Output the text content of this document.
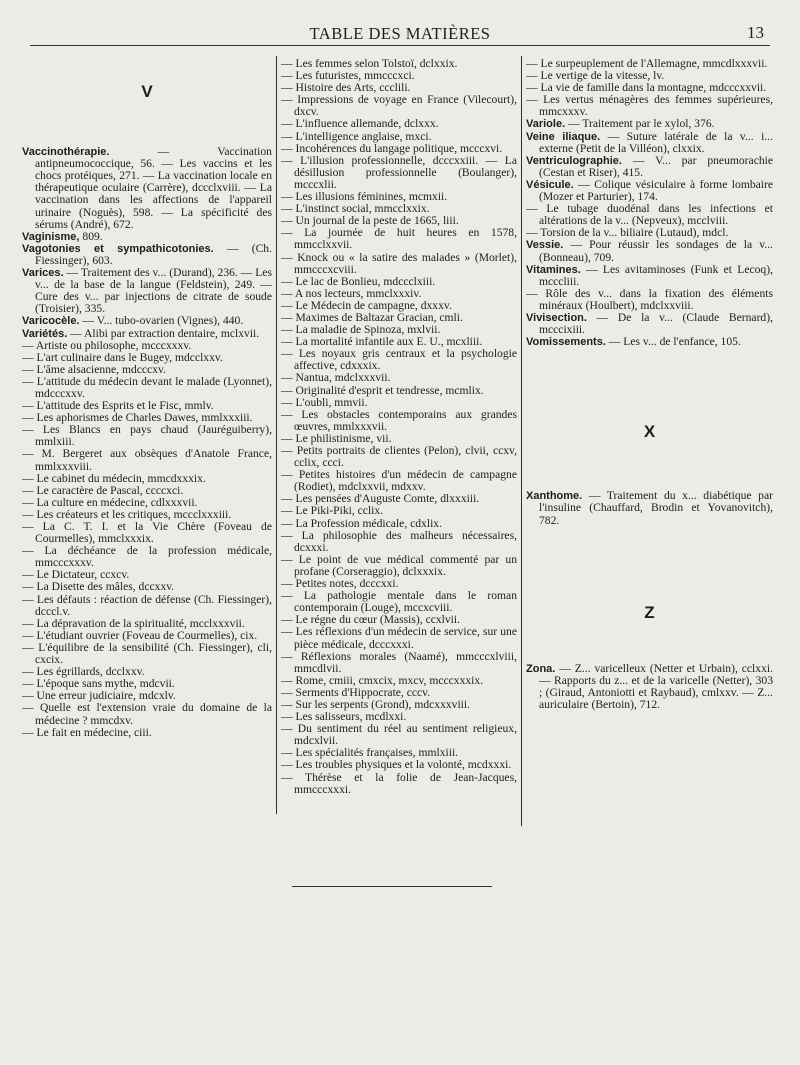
TABLE DES MATIÈRES	13

V

Vaccinothérapie.	— Vaccination antipneumococcique, 56. — Les vaccins et les chocs protéiques, 271. — La vaccination locale en thérapeutique oculaire (Carrère), dccclxviii. — La vaccination dans les affections de l'appareil urinaire (Noguès), 598. — La spécificité des sérums (André), 672.

Vaginisme, 809.

Vagotonies et sympathicotonies. — (Ch. Fiessinger), 603.

Varices. — Traitement des v... (Durand), 236. — Les v... de la base de la langue (Feldstein), 249. — Cure des v... par injections de citrate de soude (Troisier), 335.

Varicocèle. — V... tubo-ovarien (Vignes), 440.

Variétés. — Alibi par extraction dentaire, mclxvii.

— Artiste ou philosophe, mcccxxxv.

— L'art culinaire dans le Bugey, mdcclxxv.

— L'âme alsacienne, mdcccxv.

— L'attitude du médecin devant le malade (Lyonnet), mdcccxxv.

— L'attitude des Esprits et le Fisc, mmlv.

— Les aphorismes de Charles Dawes, mmlxxxiii.

— Les Blancs en pays chaud (Jauréguiberry), mmlxiii.

— M. Bergeret aux obsèques d'Anatole France, mmlxxxviii.

— Le cabinet du médecin, mmcdxxxix.

— Le caractère de Pascal, ccccxci.

— La culture en médecine, cdlxxxvii.

— Les créateurs et les critiques, mccclxxxiii.

— La C. T. I. et la Vie Chère (Foveau de Courmelles), mmclxxxix.

— La déchéance de la profession médicale, mmcccxxxv.

— Le Dictateur, ccxcv.

— La Disette des mâles, dccxxv.

— Les défauts : réaction de défense (Ch. Fiessinger), dcccl.v.

— La dépravation de la spiritualité, mcclxxxvii.

— L'étudiant ouvrier (Foveau de Courmelles), cix.

— L'équilibre de la sensibilité (Ch. Fiessinger), cli, cxcix.

— Les égrillards, dcclxxv.

— L'époque sans mythe, mdcvii.

— Une erreur judiciaire, mdcxlv.

— Quelle est l'extension vraie du domaine de la médecine ? mmcdxv.

— Le fait en médecine, ciii.

— Les femmes selon Tolstoï, dclxxix.

— Les futuristes, mmcccxci.

— Histoire des Arts, ccclili.

— Impressions de voyage en France (Vilecourt), dxcv.

— L'influence allemande, dclxxx.

— L'intelligence anglaise, mxci.

— Incohérences du langage politique, mcccxvi.

— L'illusion professionnelle, dcccxxiii. — La désillusion professionnelle (Boulanger), mcccxlii.

— Les illusions féminines, mcmxii.

— L'instinct social, mmcclxxix.

— Un journal de la peste de 1665, liii.

— La journée de huit heures en 1578, mmcclxxvii.

— Knock ou « la satire des malades » (Morlet), mmcccxcviii.

— Le lac de Bonlieu, mdccclxiii.

— A nos lecteurs, mmclxxxiv.

— Le Médecin de campagne, dxxxv.

— Maximes de Baltazar Gracian, cmli.

— La maladie de Spinoza, mxlvii.

— La mortalité infantile aux E. U., mcxliii.

— Les noyaux gris centraux et la psychologie affective, cdxxxix.

— Nantua, mdclxxxvii.

— Originalité d'esprit et tendresse, mcmlix.

— L'oubli, mmvii.

— Les obstacles contemporains aux grandes œuvres, mmlxxxvii.

— Le philistinisme, vii.

— Petits portraits de clientes (Pelon), clvii, ccxv, cclix, ccci.

— Petites histoires d'un médecin de campagne (Rodiet), mdclxxvii, mdxxv.

— Les pensées d'Auguste Comte, dlxxxiii.

— Le Piki-Piki, cclix.

— La Profession médicale, cdxlix.

— La philosophie des malheurs nécessaires, dcxxxi.

— Le point de vue médical commenté par un profane (Corseraggio), dclxxxix.

— Petites notes, dcccxxi.

— La pathologie mentale dans le roman contemporain (Louge), mccxcviii.

— Le régne du cœur (Massis), ccxlvii.

— Les réflexions d'un médecin de service, sur une pièce médicale, dcccxxxi.

— Réflexions morales (Naamé), mmcccxlviii, mmcdlvii.

— Rome, cmiii, cmxcix, mxcv, mcccxxxix.

— Serments d'Hippocrate, cccv.

— Sur les serpents (Grond), mdcxxxviii.

— Les salisseurs, mcdlxxi.

— Du sentiment du réel au sentiment religieux, mdcxlvii.

— Les spécialités françaises, mmlxiii.

— Les troubles physiques et la volonté, mcdxxxi.

— Thérèse et la folie de Jean-Jacques, mmcccxxxi.

— Le surpeuplement de l'Allemagne, mmcdlxxxvii.

— Le vertige de la vitesse, lv.

— La vie de famille dans la montagne, mdcccxxvii.

— Les vertus ménagères des femmes supérieures, mmcxxxv.

Variole. — Traitement par le xylol, 376.

Veine iliaque. — Suture latérale de la v... i... externe (Petit de la Villéon), clxxix.

Ventriculographie. — V... par pneumorachie (Cestan et Riser), 415.

Vésicule. — Colique vésiculaire à forme lombaire (Mozer et Parturier), 174.

— Le tubage duodénal dans les infections et altérations de la v... (Nepveux), mcclviii.

— Torsion de la v... biliaire (Lutaud), mdcl.

Vessie. — Pour réussir les sondages de la v... (Bonneau), 709.

Vitamines. — Les avitaminoses (Funk et Lecoq), mcccliii.

— Rôle des v... dans la fixation des éléments minéraux (Houlbert), mdclxxviii.

Vivisection. — De la v... (Claude Bernard), mcccixiii.

Vomissements. — Les v... de l'enfance, 105.

X

Xanthome. — Traitement du x... diabétique par l'insuline (Chauffard, Brodin et Yovanovitch), 782.

Z

Zona. — Z... varicelleux (Netter et Urbain), cclxxi. — Rapports du z... et de la varicelle (Netter), 303 ; (Giraud, Antoniotti et Raybaud), cmlxxv. — Z... auriculaire (Bertoin), 712.
